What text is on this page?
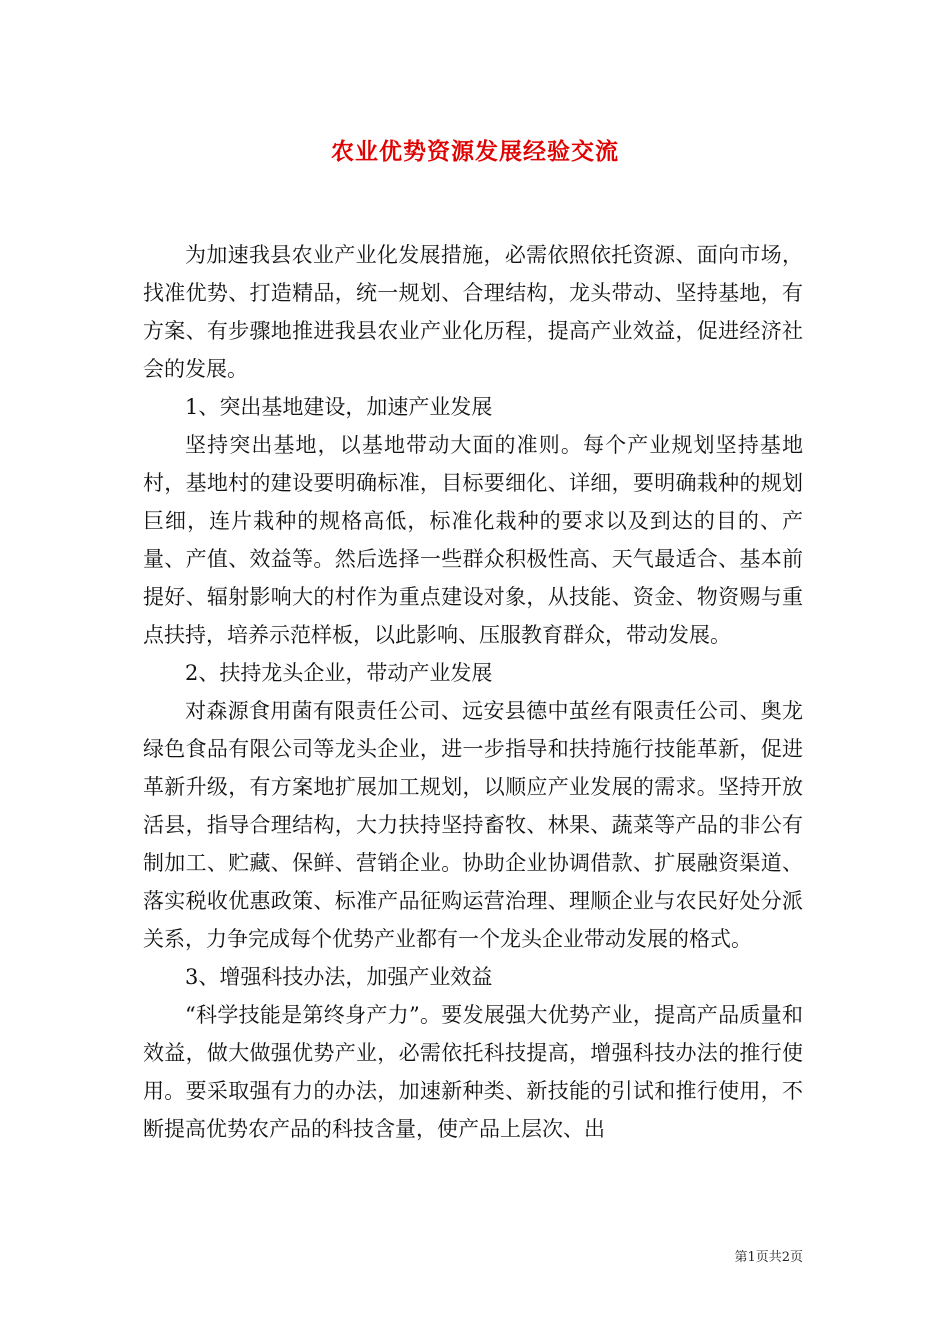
农业优势资源发展经验交流

为加速我县农业产业化发展措施，必需依照依托资源、面向市场，找准优势、打造精品，统一规划、合理结构，龙头带动、坚持基地，有方案、有步骤地推进我县农业产业化历程，提高产业效益，促进经济社会的发展。

1、突出基地建设，加速产业发展

坚持突出基地，以基地带动大面的准则。每个产业规划坚持基地村，基地村的建设要明确标准，目标要细化、详细，要明确栽种的规划巨细，连片栽种的规格高低，标准化栽种的要求以及到达的目的、产量、产值、效益等。然后选择一些群众积极性高、天气最适合、基本前提好、辐射影响大的村作为重点建设对象，从技能、资金、物资赐与重点扶持，培养示范样板，以此影响、压服教育群众，带动发展。

2、扶持龙头企业，带动产业发展

对森源食用菌有限责任公司、远安县德中茧丝有限责任公司、奥龙绿色食品有限公司等龙头企业，进一步指导和扶持施行技能革新，促进革新升级，有方案地扩展加工规划，以顺应产业发展的需求。坚持开放活县，指导合理结构，大力扶持坚持畜牧、林果、蔬菜等产品的非公有制加工、贮藏、保鲜、营销企业。协助企业协调借款、扩展融资渠道、落实税收优惠政策、标准产品征购运营治理、理顺企业与农民好处分派关系，力争完成每个优势产业都有一个龙头企业带动发展的格式。

3、增强科技办法，加强产业效益

“科学技能是第终身产力”。要发展强大优势产业，提高产品质量和效益，做大做强优势产业，必需依托科技提高，增强科技办法的推行使用。要采取强有力的办法，加速新种类、新技能的引试和推行使用，不断提高优势农产品的科技含量，使产品上层次、出

第1页共2页
